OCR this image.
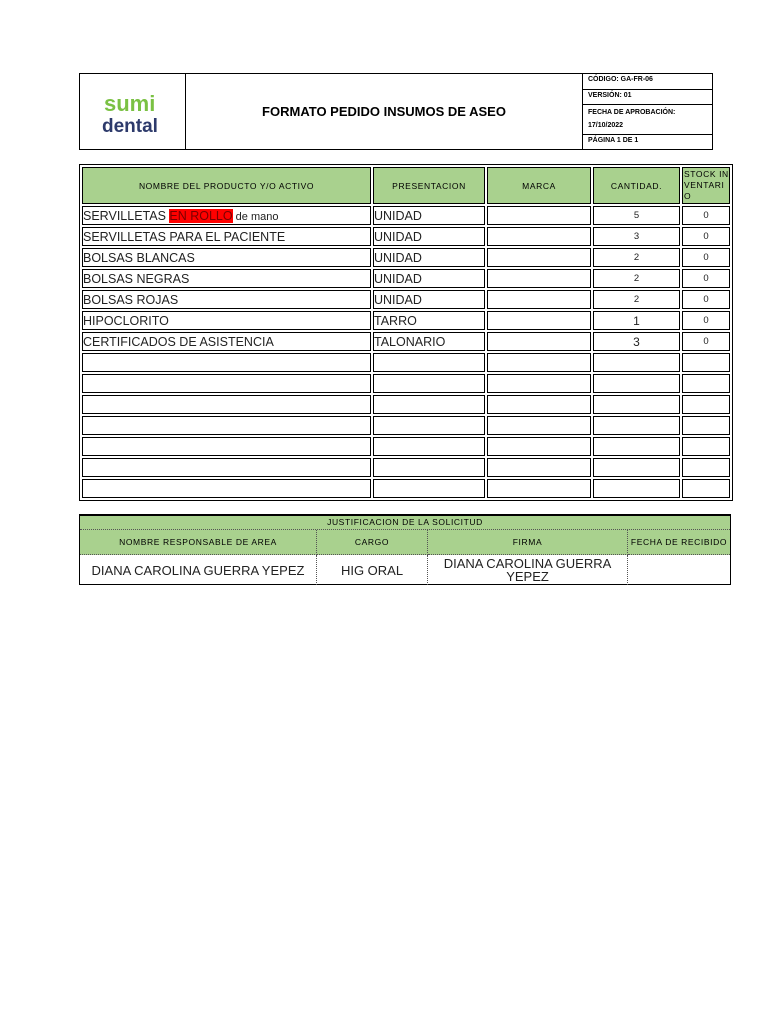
sumi
dental
FORMATO PEDIDO INSUMOS DE ASEO
CÓDIGO: GA-FR-06
VERSIÓN: 01
FECHA DE APROBACIÓN:
17/10/2022
PÁGINA 1 DE 1
NOMBRE DEL PRODUCTO Y/O ACTIVO	PRESENTACION	MARCA	CANTIDAD.	STOCK INVENTARIO
SERVILLETAS EN ROLLO de mano	UNIDAD		5	0
SERVILLETAS PARA EL PACIENTE	UNIDAD		3	0
BOLSAS BLANCAS	UNIDAD		2	0
BOLSAS NEGRAS	UNIDAD		2	0
BOLSAS ROJAS	UNIDAD		2	0
HIPOCLORITO	TARRO		1	0
CERTIFICADOS DE ASISTENCIA	TALONARIO		3	0

JUSTIFICACION DE LA SOLICITUD
NOMBRE RESPONSABLE DE AREA	CARGO	FIRMA	FECHA DE RECIBIDO
DIANA CAROLINA GUERRA YEPEZ	HIG ORAL	DIANA CAROLINA GUERRA YEPEZ
